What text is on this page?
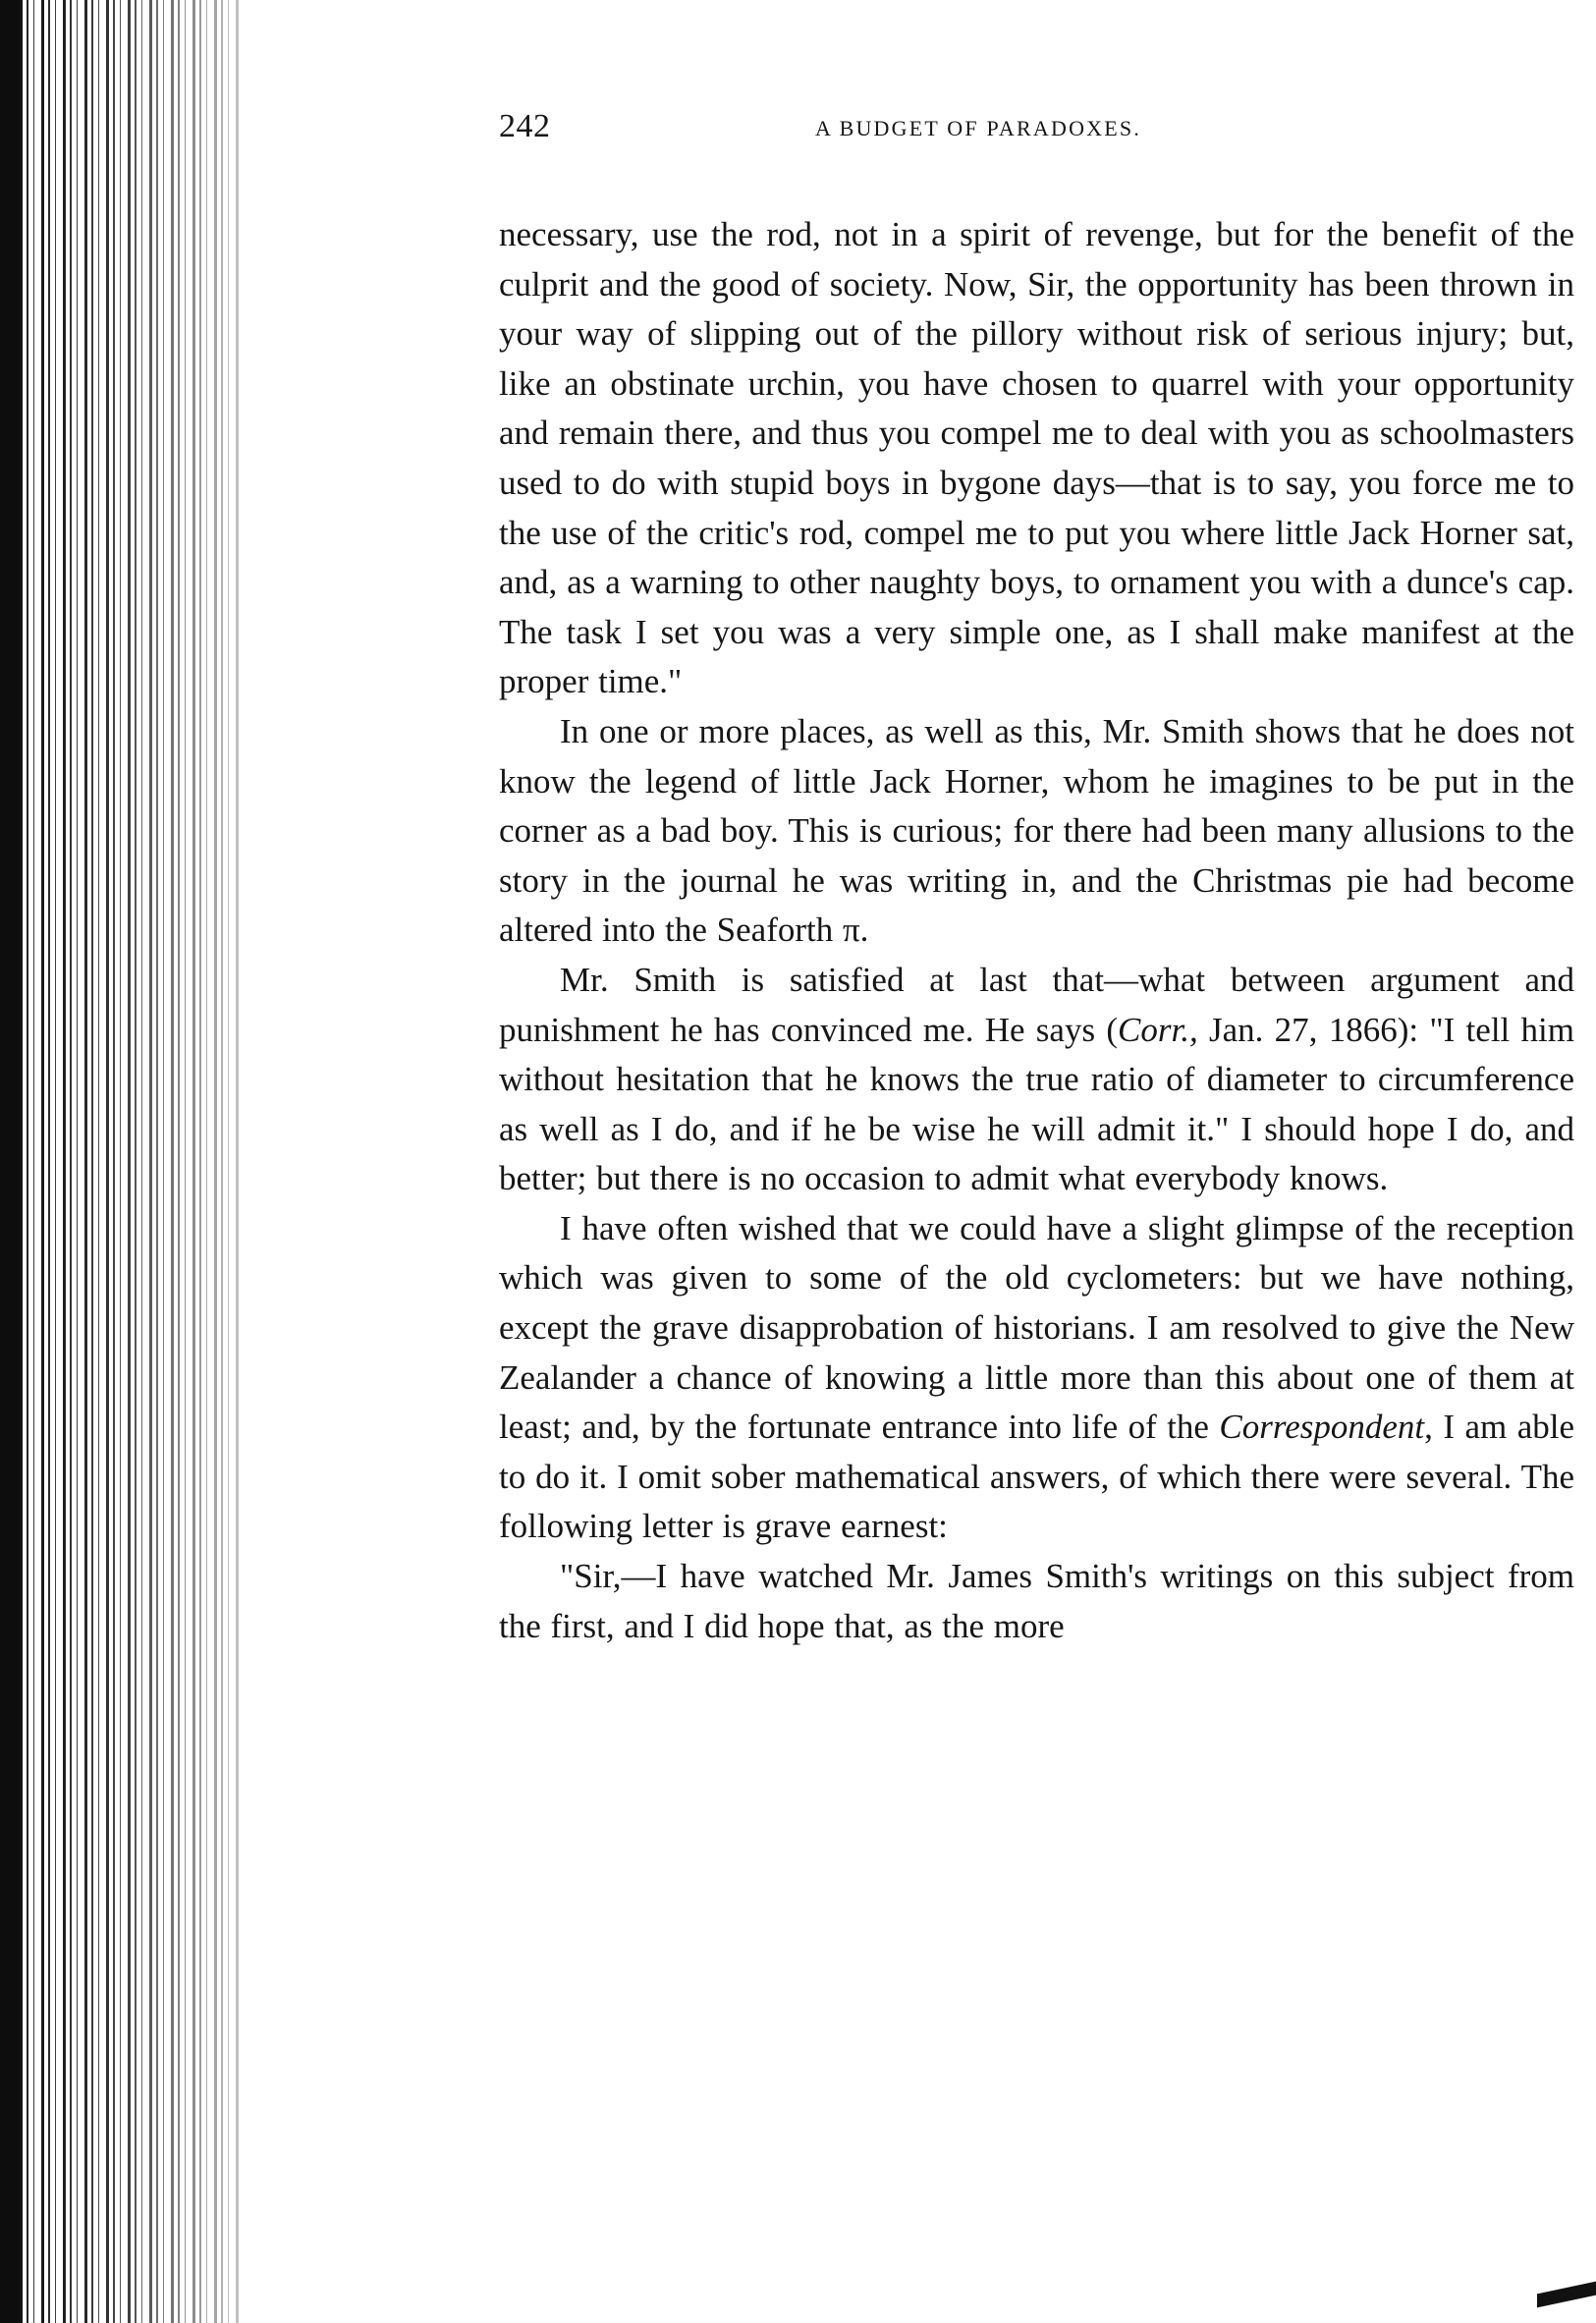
242	A BUDGET OF PARADOXES.

necessary, use the rod, not in a spirit of revenge, but for the benefit of the culprit and the good of society. Now, Sir, the opportunity has been thrown in your way of slipping out of the pillory without risk of serious injury; but, like an obstinate urchin, you have chosen to quarrel with your opportunity and remain there, and thus you compel me to deal with you as schoolmasters used to do with stupid boys in bygone days—that is to say, you force me to the use of the critic's rod, compel me to put you where little Jack Horner sat, and, as a warning to other naughty boys, to ornament you with a dunce's cap. The task I set you was a very simple one, as I shall make manifest at the proper time."

In one or more places, as well as this, Mr. Smith shows that he does not know the legend of little Jack Horner, whom he imagines to be put in the corner as a bad boy. This is curious; for there had been many allusions to the story in the journal he was writing in, and the Christmas pie had become altered into the Seaforth π.

Mr. Smith is satisfied at last that—what between argument and punishment he has convinced me. He says (Corr., Jan. 27, 1866): "I tell him without hesitation that he knows the true ratio of diameter to circumference as well as I do, and if he be wise he will admit it." I should hope I do, and better; but there is no occasion to admit what everybody knows.

I have often wished that we could have a slight glimpse of the reception which was given to some of the old cyclometers: but we have nothing, except the grave disapprobation of historians. I am resolved to give the New Zealander a chance of knowing a little more than this about one of them at least; and, by the fortunate entrance into life of the Correspondent, I am able to do it. I omit sober mathematical answers, of which there were several. The following letter is grave earnest:

"Sir,—I have watched Mr. James Smith's writings on this subject from the first, and I did hope that, as the more
